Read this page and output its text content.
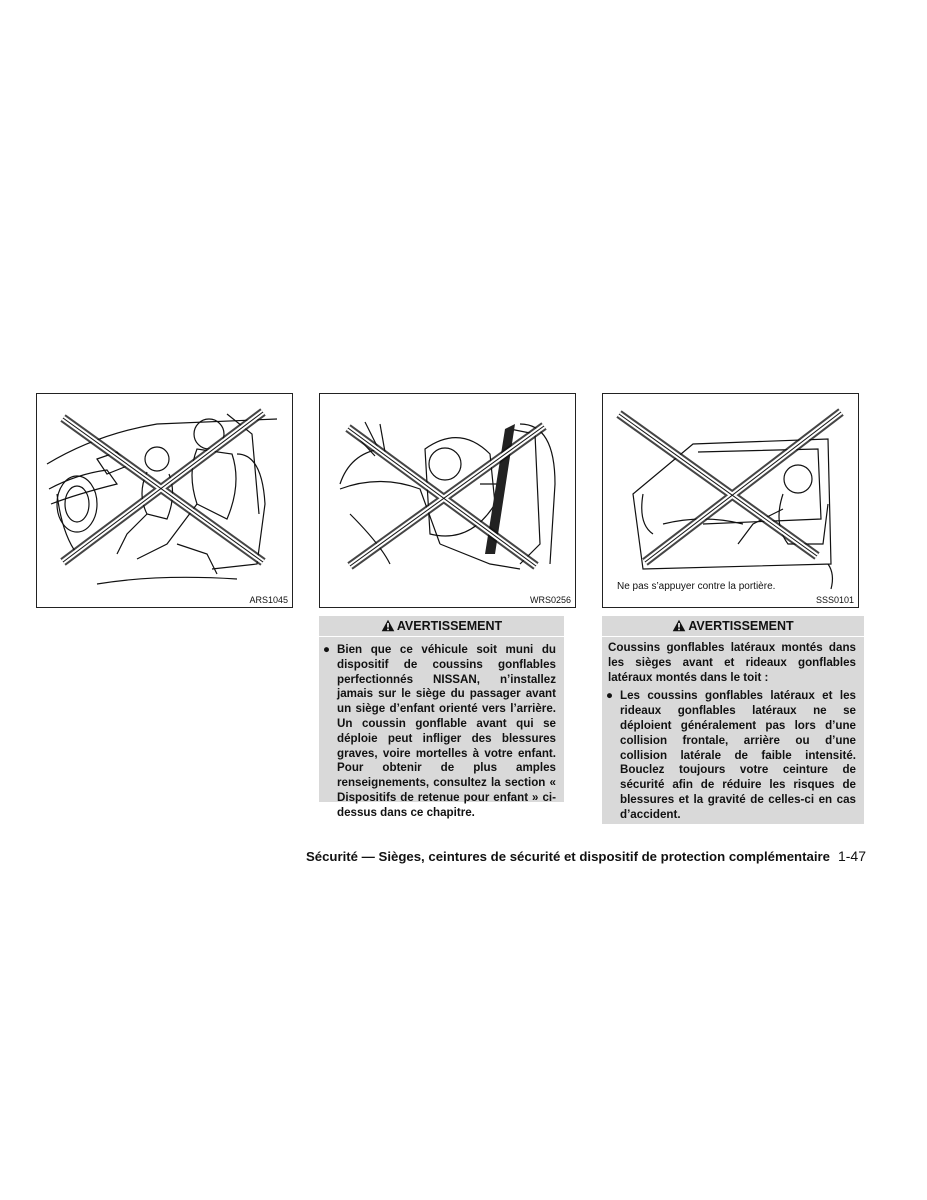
ARS1045	WRS0256
Ne pas s’appuyer contre la portière.
SSS0101
AVERTISSEMENT
● Bien que ce véhicule soit muni du dispositif de coussins gonflables perfectionnés NISSAN, n’installez jamais sur le siège du passager avant un siège d’enfant orienté vers l’arrière. Un coussin gonflable avant qui se déploie peut infliger des blessures graves, voire mortelles à votre enfant. Pour obtenir de plus amples renseignements, consultez la section « Dispositifs de retenue pour enfant » ci-dessus dans ce chapitre.
AVERTISSEMENT
Coussins gonflables latéraux montés dans les sièges avant et rideaux gonflables latéraux montés dans le toit :
● Les coussins gonflables latéraux et les rideaux gonflables latéraux ne se déploient généralement pas lors d’une collision frontale, arrière ou d’une collision latérale de faible intensité. Bouclez toujours votre ceinture de sécurité afin de réduire les risques de blessures et la gravité de celles-ci en cas d’accident.
Sécurité — Sièges, ceintures de sécurité et dispositif de protection complémentaire 1-47
